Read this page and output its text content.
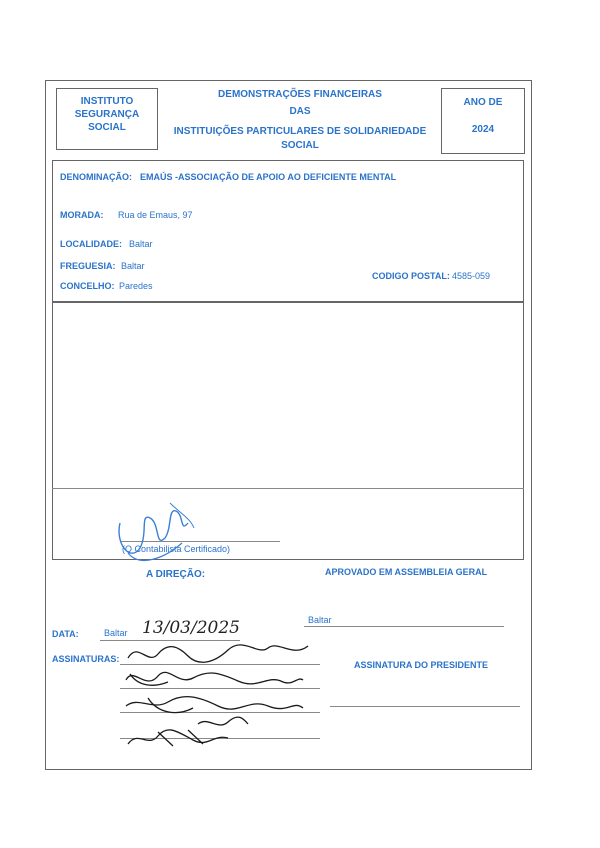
INSTITUTO
SEGURANÇA
SOCIAL
DEMONSTRAÇÕES FINANCEIRAS
DAS
INSTITUIÇÕES PARTICULARES DE SOLIDARIEDADE
SOCIAL
ANO DE
2024
DENOMINAÇÃO: EMAÚS -ASSOCIAÇÃO DE APOIO AO DEFICIENTE MENTAL
MORADA: Rua de Emaus, 97
LOCALIDADE: Baltar
FREGUESIA: Baltar
CONCELHO: Paredes
CODIGO POSTAL: 4585-059
(O Contabilista Certificado)
A DIREÇÃO:	APROVADO EM ASSEMBLEIA GERAL
Baltar
DATA:	Baltar 13/03/2025
ASSINATURAS:
ASSINATURA DO PRESIDENTE
